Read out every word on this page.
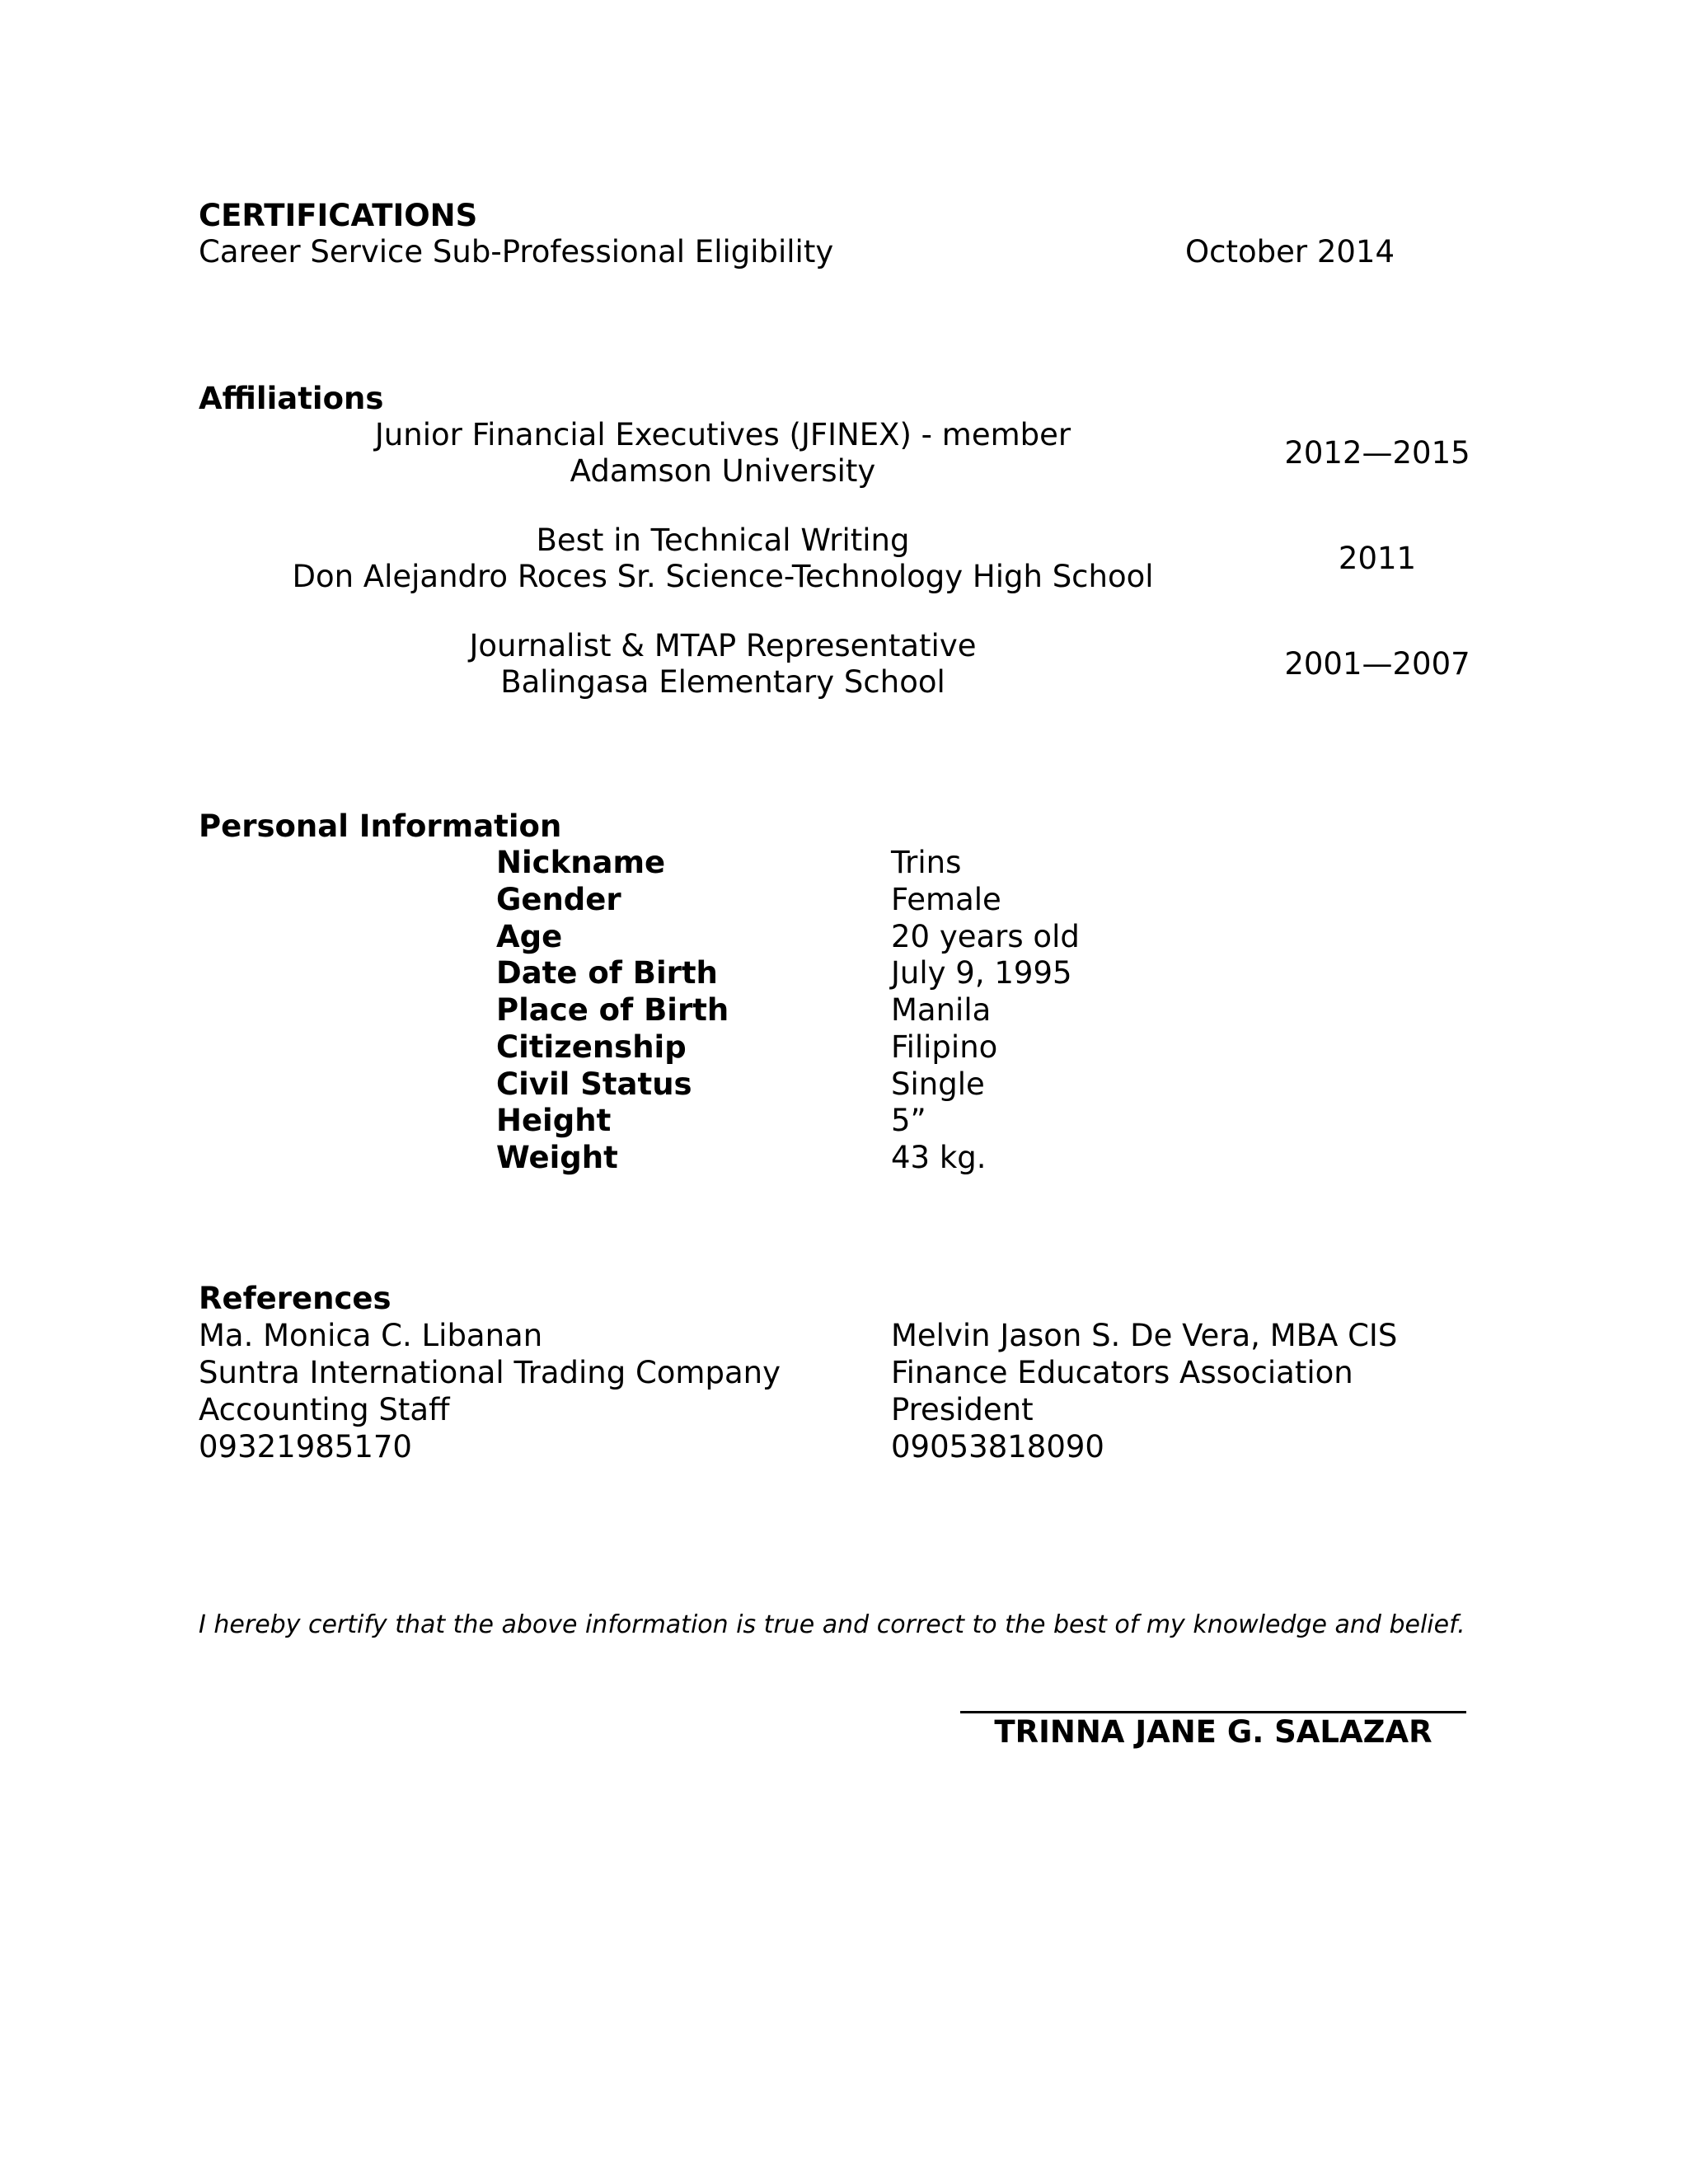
CERTIFICATIONS
Career Service Sub-Professional Eligibility	October 2014
Affiliations
Junior Financial Executives (JFINEX) - member
Adamson University
2012—2015
Best in Technical Writing
Don Alejandro Roces Sr. Science-Technology High School
2011
Journalist & MTAP Representative
Balingasa Elementary School
2001—2007
Personal Information
Nickname	Trins
Gender	Female
Age	20 years old
Date of Birth	July 9, 1995
Place of Birth	Manila
Citizenship	Filipino
Civil Status	Single
Height	5”
Weight	43 kg.
References
Ma. Monica C. Libanan
Suntra International Trading Company
Accounting Staff
09321985170
Melvin Jason S. De Vera, MBA CIS
Finance Educators Association
President
09053818090
I hereby certify that the above information is true and correct to the best of my knowledge and belief.
TRINNA JANE G. SALAZAR
